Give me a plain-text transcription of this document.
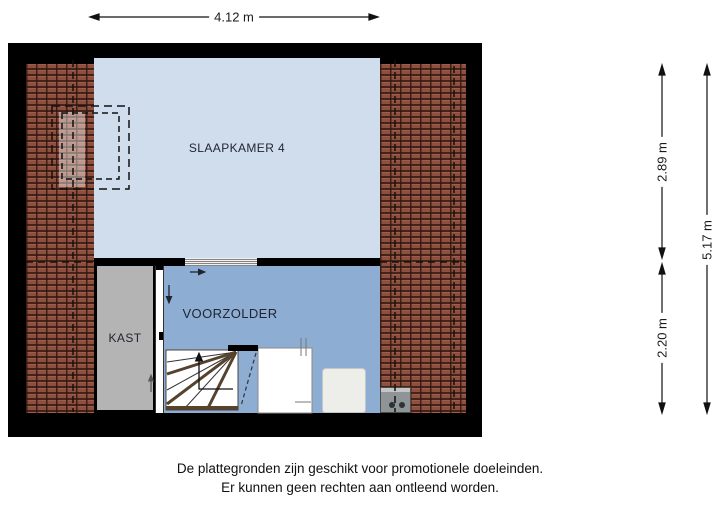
SLAAPKAMER 4
VOORZOLDER
KAST
4.12 m
2.89 m
2.20 m
5.17 m
De plattegronden zijn geschikt voor promotionele doeleinden.
Er kunnen geen rechten aan ontleend worden.
